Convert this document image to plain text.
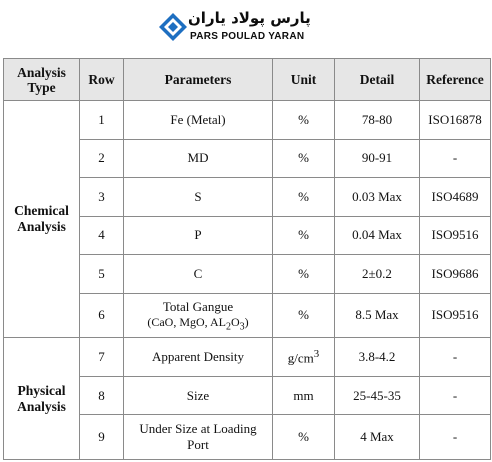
پارس پولاد یاران
PARS POULAD YARAN
Analysis Type	Row	Parameters	Unit	Detail	Reference
Chemical Analysis	1	Fe (Metal)	%	78-80	ISO16878
	2	MD	%	90-91	-
	3	S	%	0.03 Max	ISO4689
	4	P	%	0.04 Max	ISO9516
	5	C	%	2±0.2	ISO9686
	6	Total Gangue
(CaO, MgO, $AL_2O_3$)	%	8.5 Max	ISO9516
Physical Analysis	7	Apparent Density	$g/cm^3$	3.8-4.2	-
	8	Size	mm	25-45-35	-
	9	Under Size at Loading
Port	%	4 Max	-
